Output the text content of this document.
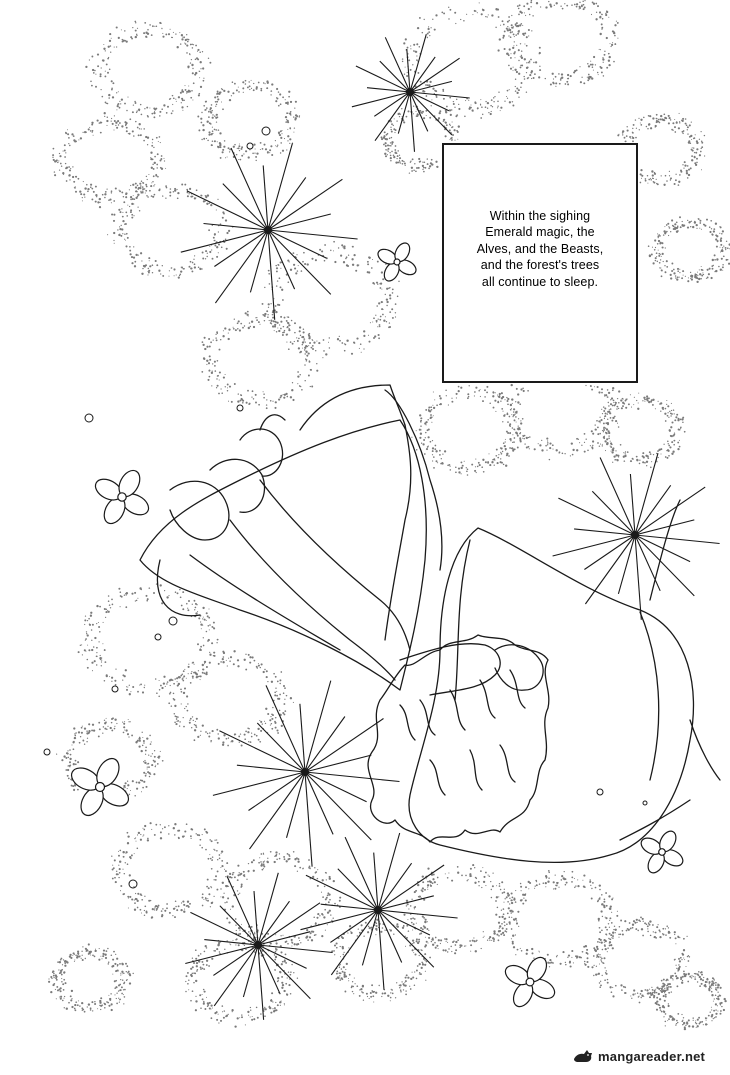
Within the sighing
Emerald magic, the
Alves, and the Beasts,
and the forest's trees
all continue to sleep.
mangareader.net
